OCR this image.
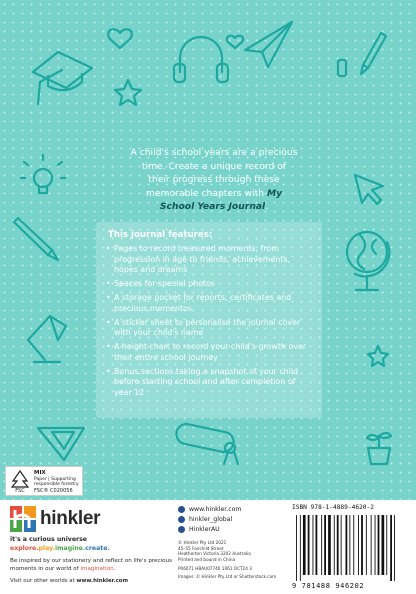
A child's school years are a precious time. Create a unique record of their progress through these memorable chapters with My School Years Journal.
This journal features:
• Pages to record treasured moments, from progression in age to friends, achievements, hopes and dreams
• Spaces for special photos
• A storage pocket for reports, certificates and precious mementos
• A sticker sheet to personalise the journal cover with your child's name
• A height chart to record your child's growth over their entire school journey
• Bonus sections taking a snapshot of your child before starting school and after completion of year 12
FSC
MIX
Paper | Supporting
responsible forestry
FSC® C020056
hinkler
it's a curious universe
explore.play.imagine.create.
Be inspired by our stationery and reflect on life's precious moments in our world of imagination.
Visit our other worlds at www.hinkler.com
www.hinkler.com
hinkler_global
HinklerAU
© Hinkler Pty Ltd 2021
45–55 Fairchild Street
Heatherton Victoria 3202 Australia
Printed and bound in China
P06071 HBAU07740 1061 OCT24 3
Images: © Hinkler Pty Ltd or Shutterstock.com
ISBN 978-1-4889-4620-2
9 781488 946202
